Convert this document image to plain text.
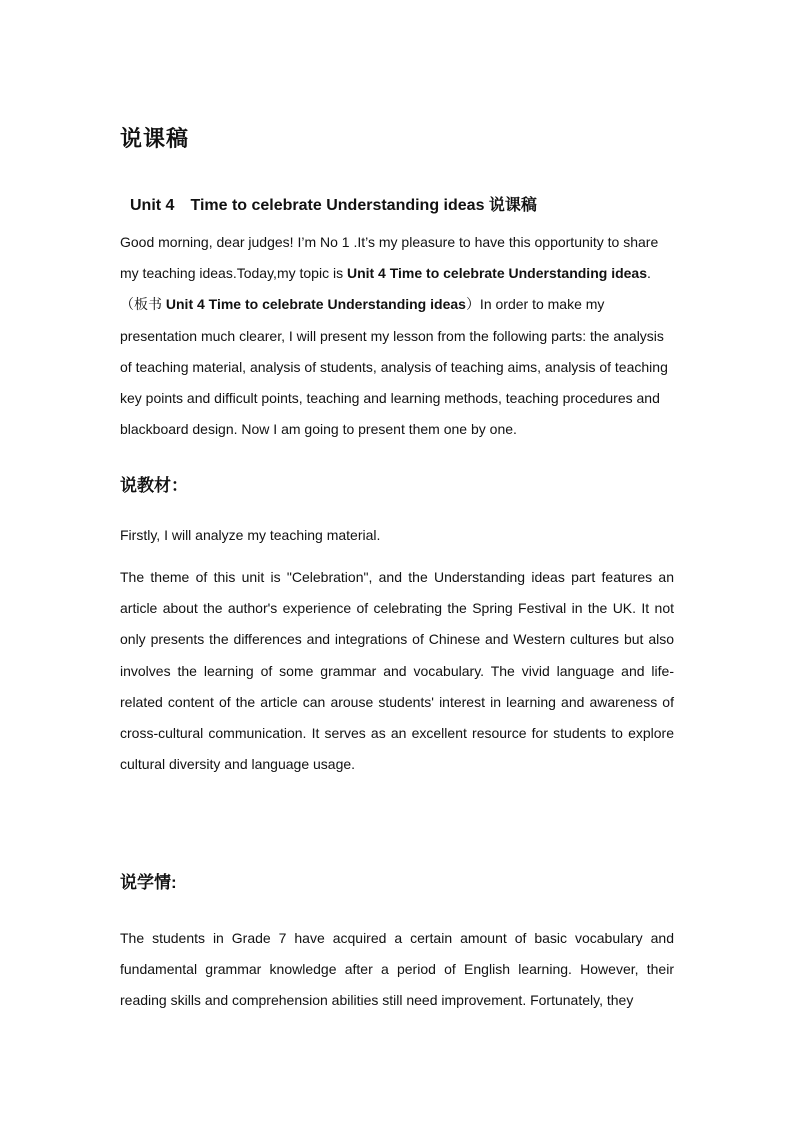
说课稿
Unit 4 Time to celebrate Understanding ideas 说课稿

Good morning, dear judges! I’m No 1 .It’s my pleasure to have this opportunity to share my teaching ideas.Today,my topic is Unit 4 Time to celebrate Understanding ideas.（板书 Unit 4 Time to celebrate Understanding ideas）In order to make my presentation much clearer, I will present my lesson from the following parts: the analysis of teaching material, analysis of students, analysis of teaching aims, analysis of teaching key points and difficult points, teaching and learning methods, teaching procedures and blackboard design. Now I am going to present them one by one.

说教材：

Firstly, I will analyze my teaching material.

The theme of this unit is "Celebration", and the Understanding ideas part features an article about the author's experience of celebrating the Spring Festival in the UK. It not only presents the differences and integrations of Chinese and Western cultures but also involves the learning of some grammar and vocabulary. The vivid language and life-related content of the article can arouse students' interest in learning and awareness of cross-cultural communication. It serves as an excellent resource for students to explore cultural diversity and language usage.

说学情:

The students in Grade 7 have acquired a certain amount of basic vocabulary and fundamental grammar knowledge after a period of English learning. However, their reading skills and comprehension abilities still need improvement. Fortunately, they
